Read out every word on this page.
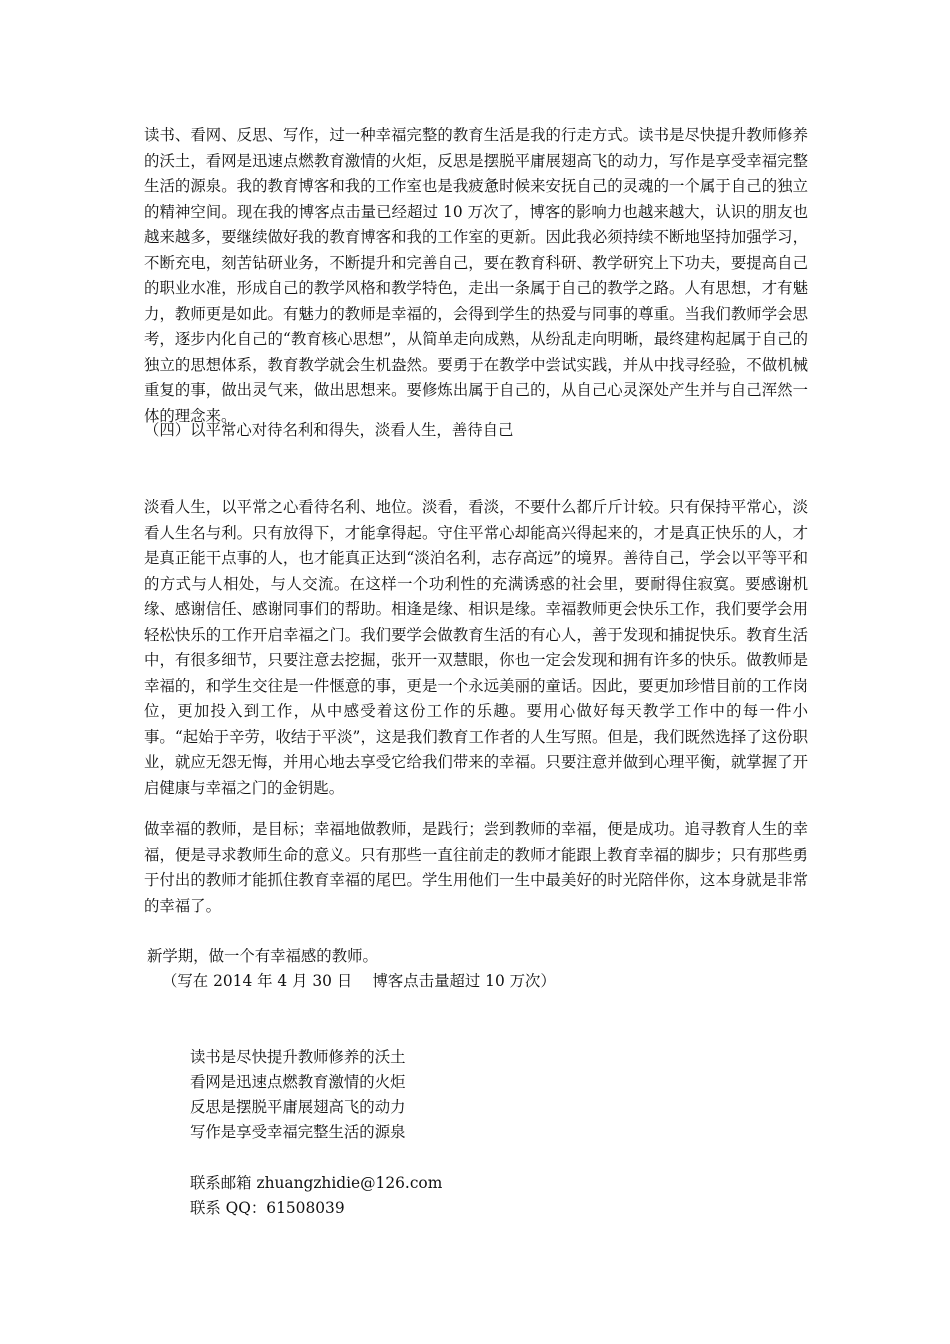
读书、看网、反思、写作，过一种幸福完整的教育生活是我的行走方式。读书是尽快提升教师修养的沃土，看网是迅速点燃教育激情的火炬，反思是摆脱平庸展翅高飞的动力，写作是享受幸福完整生活的源泉。我的教育博客和我的工作室也是我疲惫时候来安抚自己的灵魂的一个属于自己的独立的精神空间。现在我的博客点击量已经超过 10 万次了，博客的影响力也越来越大，认识的朋友也越来越多，要继续做好我的教育博客和我的工作室的更新。因此我必须持续不断地坚持加强学习，不断充电，刻苦钻研业务，不断提升和完善自己，要在教育科研、教学研究上下功夫，要提高自己的职业水准，形成自己的教学风格和教学特色，走出一条属于自己的教学之路。人有思想，才有魅力，教师更是如此。有魅力的教师是幸福的，会得到学生的热爱与同事的尊重。当我们教师学会思考，逐步内化自己的“教育核心思想”，从简单走向成熟，从纷乱走向明晰，最终建构起属于自己的独立的思想体系，教育教学就会生机盎然。要勇于在教学中尝试实践，并从中找寻经验，不做机械重复的事，做出灵气来，做出思想来。要修炼出属于自己的，从自己心灵深处产生并与自己浑然一体的理念来。

（四）以平常心对待名利和得失，淡看人生，善待自己

淡看人生，以平常之心看待名利、地位。淡看，看淡，不要什么都斤斤计较。只有保持平常心，淡看人生名与利。只有放得下，才能拿得起。守住平常心却能高兴得起来的，才是真正快乐的人，才是真正能干点事的人，也才能真正达到“淡泊名利，志存高远”的境界。善待自己，学会以平等平和的方式与人相处，与人交流。在这样一个功利性的充满诱惑的社会里，要耐得住寂寞。要感谢机缘、感谢信任、感谢同事们的帮助。相逢是缘、相识是缘。幸福教师更会快乐工作，我们要学会用轻松快乐的工作开启幸福之门。我们要学会做教育生活的有心人，善于发现和捕捉快乐。教育生活中，有很多细节，只要注意去挖掘，张开一双慧眼，你也一定会发现和拥有许多的快乐。做教师是幸福的，和学生交往是一件惬意的事，更是一个永远美丽的童话。因此，要更加珍惜目前的工作岗位，更加投入到工作，从中感受着这份工作的乐趣。要用心做好每天教学工作中的每一件小事。“起始于辛劳，收结于平淡”，这是我们教育工作者的人生写照。但是，我们既然选择了这份职业，就应无怨无悔，并用心地去享受它给我们带来的幸福。只要注意并做到心理平衡，就掌握了开启健康与幸福之门的金钥匙。

做幸福的教师，是目标；幸福地做教师，是践行；尝到教师的幸福，便是成功。追寻教育人生的幸福，便是寻求教师生命的意义。只有那些一直往前走的教师才能跟上教育幸福的脚步；只有那些勇于付出的教师才能抓住教育幸福的尾巴。学生用他们一生中最美好的时光陪伴你，这本身就是非常的幸福了。

新学期，做一个有幸福感的教师。

（写在 2014 年 4 月 30 日　 博客点击量超过 10 万次）

读书是尽快提升教师修养的沃土

看网是迅速点燃教育激情的火炬

反思是摆脱平庸展翅高飞的动力

写作是享受幸福完整生活的源泉

联系邮箱 zhuangzhidie@126.com

联系 QQ：61508039
